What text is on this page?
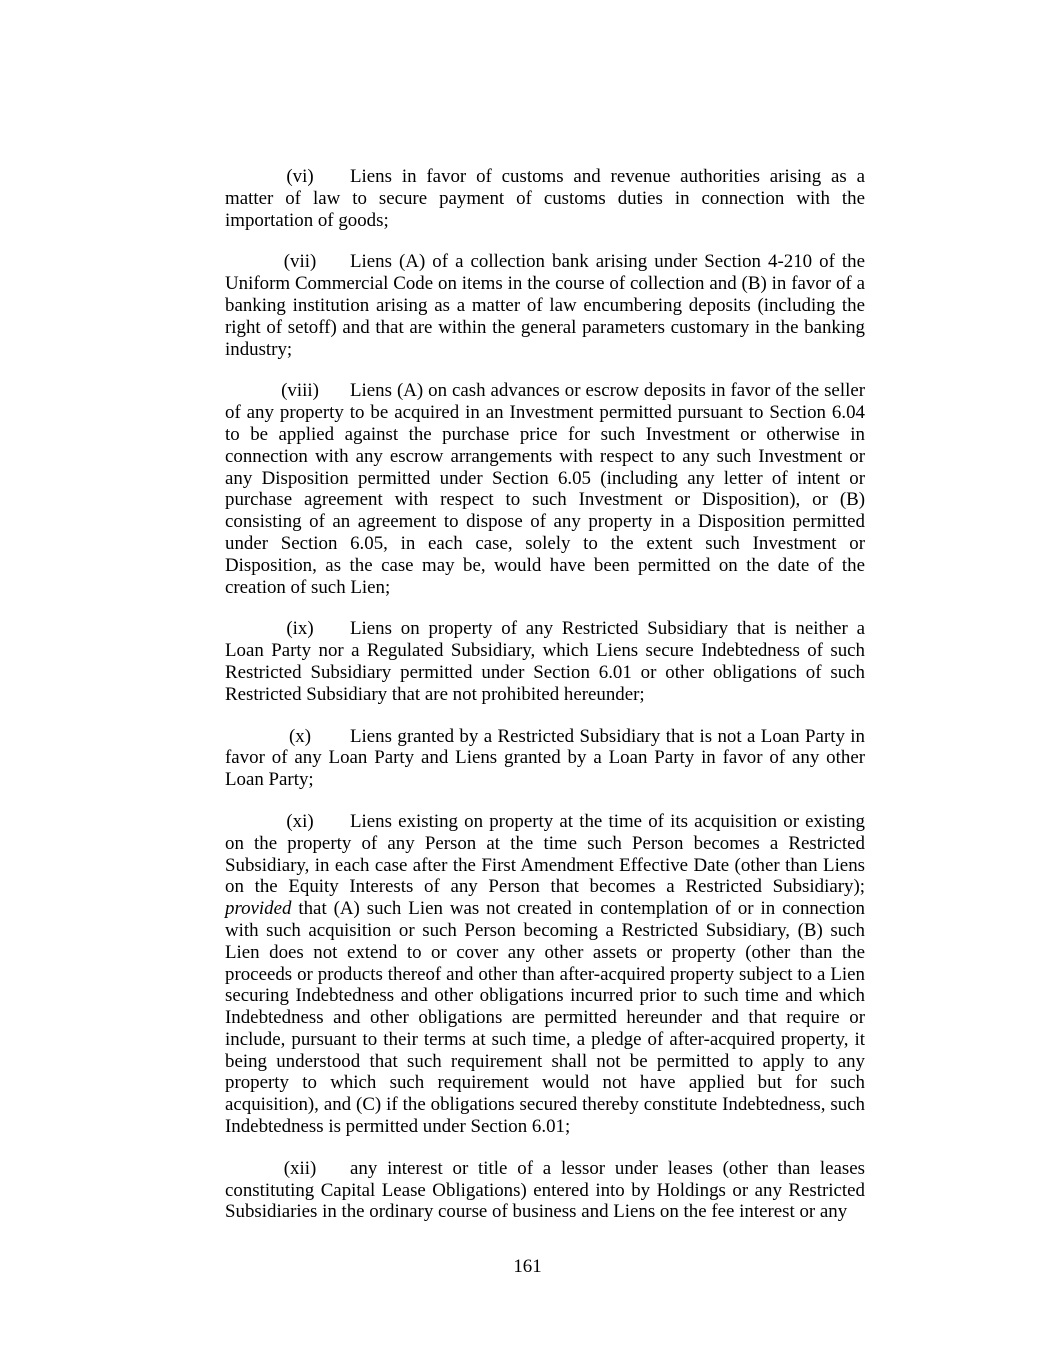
(vi) Liens in favor of customs and revenue authorities arising as a matter of law to secure payment of customs duties in connection with the importation of goods;

(vii) Liens (A) of a collection bank arising under Section 4-210 of the Uniform Commercial Code on items in the course of collection and (B) in favor of a banking institution arising as a matter of law encumbering deposits (including the right of setoff) and that are within the general parameters customary in the banking industry;

(viii) Liens (A) on cash advances or escrow deposits in favor of the seller of any property to be acquired in an Investment permitted pursuant to Section 6.04 to be applied against the purchase price for such Investment or otherwise in connection with any escrow arrangements with respect to any such Investment or any Disposition permitted under Section 6.05 (including any letter of intent or purchase agreement with respect to such Investment or Disposition), or (B) consisting of an agreement to dispose of any property in a Disposition permitted under Section 6.05, in each case, solely to the extent such Investment or Disposition, as the case may be, would have been permitted on the date of the creation of such Lien;

(ix) Liens on property of any Restricted Subsidiary that is neither a Loan Party nor a Regulated Subsidiary, which Liens secure Indebtedness of such Restricted Subsidiary permitted under Section 6.01 or other obligations of such Restricted Subsidiary that are not prohibited hereunder;

(x) Liens granted by a Restricted Subsidiary that is not a Loan Party in favor of any Loan Party and Liens granted by a Loan Party in favor of any other Loan Party;

(xi) Liens existing on property at the time of its acquisition or existing on the property of any Person at the time such Person becomes a Restricted Subsidiary, in each case after the First Amendment Effective Date (other than Liens on the Equity Interests of any Person that becomes a Restricted Subsidiary); provided that (A) such Lien was not created in contemplation of or in connection with such acquisition or such Person becoming a Restricted Subsidiary, (B) such Lien does not extend to or cover any other assets or property (other than the proceeds or products thereof and other than after-acquired property subject to a Lien securing Indebtedness and other obligations incurred prior to such time and which Indebtedness and other obligations are permitted hereunder and that require or include, pursuant to their terms at such time, a pledge of after-acquired property, it being understood that such requirement shall not be permitted to apply to any property to which such requirement would not have applied but for such acquisition), and (C) if the obligations secured thereby constitute Indebtedness, such Indebtedness is permitted under Section 6.01;

(xii) any interest or title of a lessor under leases (other than leases constituting Capital Lease Obligations) entered into by Holdings or any Restricted Subsidiaries in the ordinary course of business and Liens on the fee interest or any

161
